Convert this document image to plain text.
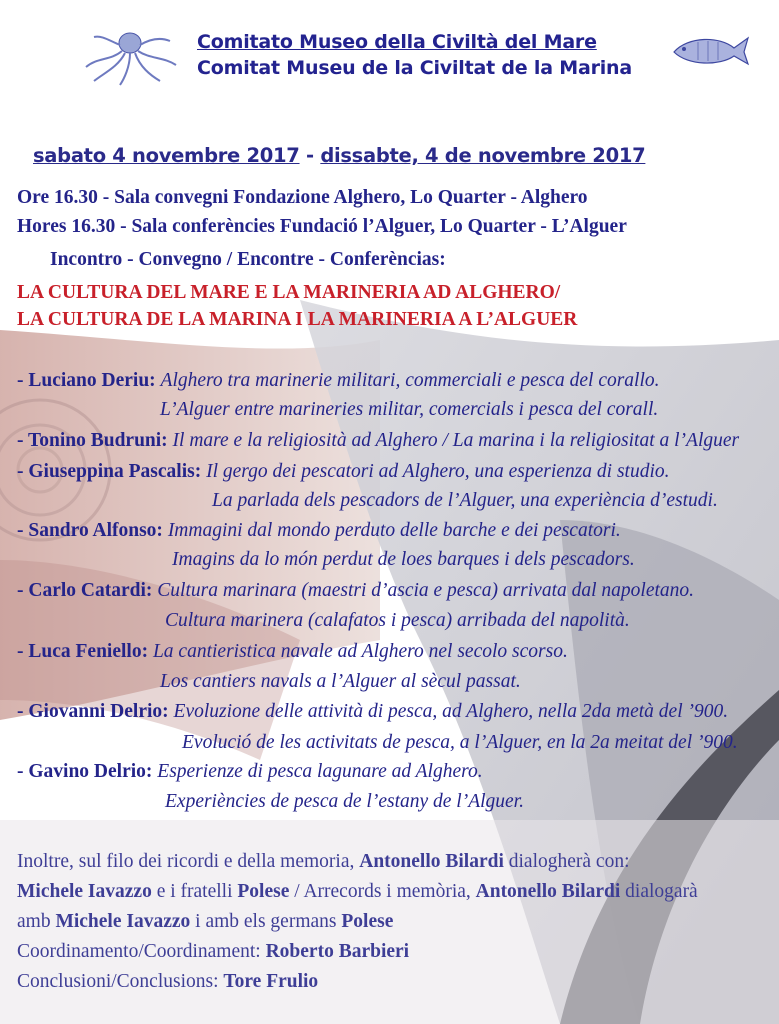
Comitato Museo della Civiltà del Mare
Comitat Museu de la Civiltat de la Marina
sabato 4 novembre 2017 - dissabte, 4 de novembre 2017
Ore 16.30 - Sala convegni Fondazione Alghero, Lo Quarter - Alghero
Hores 16.30 - Sala conferències Fundació l’Alguer, Lo Quarter - L’Alguer
Incontro - Convegno / Encontre - Conferèncias:
LA CULTURA DEL MARE E LA MARINERIA AD ALGHERO/
LA CULTURA DE LA MARINA I LA MARINERIA A L’ALGUER
- Luciano Deriu: Alghero tra marinerie militari, commerciali e pesca del corallo.
L’Alguer entre marineries militar, comercials i pesca del corall.
- Tonino Budruni: Il mare e la religiosità ad Alghero / La marina i la religiositat a l’Alguer
- Giuseppina Pascalis: Il gergo dei pescatori ad Alghero, una esperienza di studio.
La parlada dels pescadors de l’Alguer, una experiència d’estudi.
- Sandro Alfonso: Immagini dal mondo perduto delle barche e dei pescatori.
Imagins da lo món perdut de loes barques i dels pescadors.
- Carlo Catardi: Cultura marinara (maestri d’ascia e pesca) arrivata dal napoletano.
Cultura marinera (calafatos i pesca) arribada del napolità.
- Luca Feniello: La cantieristica navale ad Alghero nel secolo scorso.
Los cantiers navals a l’Alguer al sècul passat.
- Giovanni Delrio: Evoluzione delle attività di pesca, ad Alghero, nella 2da metà del ’900.
Evolució de les activitats de pesca, a l’Alguer, en la 2a meitat del ’900.
- Gavino Delrio: Esperienze di pesca lagunare ad Alghero.
Experiències de pesca de l’estany de l’Alguer.
Inoltre, sul filo dei ricordi e della memoria, Antonello Bilardi dialogherà con:
Michele Iavazzo e i fratelli Polese / Arrecords i memòria, Antonello Bilardi dialogarà
amb Michele Iavazzo i amb els germans Polese
Coordinamento/Coordinament: Roberto Barbieri
Conclusioni/Conclusions: Tore Frulio
